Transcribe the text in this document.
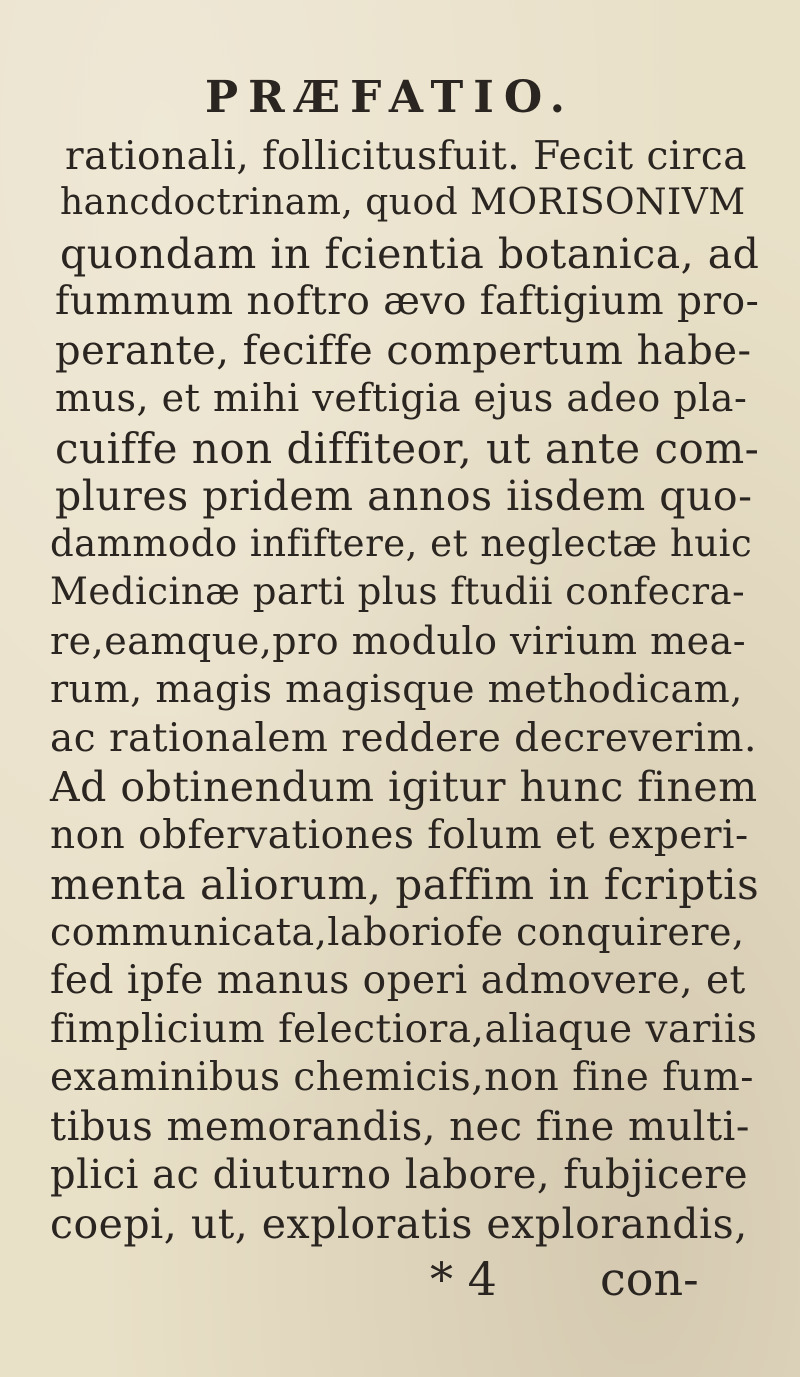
PRÆFATIO.
rationali, follicitusfuit. Fecit circa
hancdoctrinam, quod MORISONIVM
quondam in fcientia botanica, ad
fummum noftro ævo faftigium pro-
perante, feciffe compertum habe-
mus, et mihi veftigia ejus adeo pla-
cuiffe non diffiteor, ut ante com-
plures pridem annos iisdem quo-
dammodo infiftere, et neglectæ huic
Medicinæ parti plus ftudii confecra-
re,eamque,pro modulo virium mea-
rum, magis magisque methodicam,
ac rationalem reddere decreverim.
Ad obtinendum igitur hunc finem
non obfervationes folum et experi-
menta aliorum, paffim in fcriptis
communicata,laboriofe conquirere,
fed ipfe manus operi admovere, et
fimplicium felectiora,aliaque variis
examinibus chemicis,non fine fum-
tibus memorandis, nec fine multi-
plici ac diuturno labore, fubjicere
coepi, ut, exploratis explorandis,
* 4 con-
